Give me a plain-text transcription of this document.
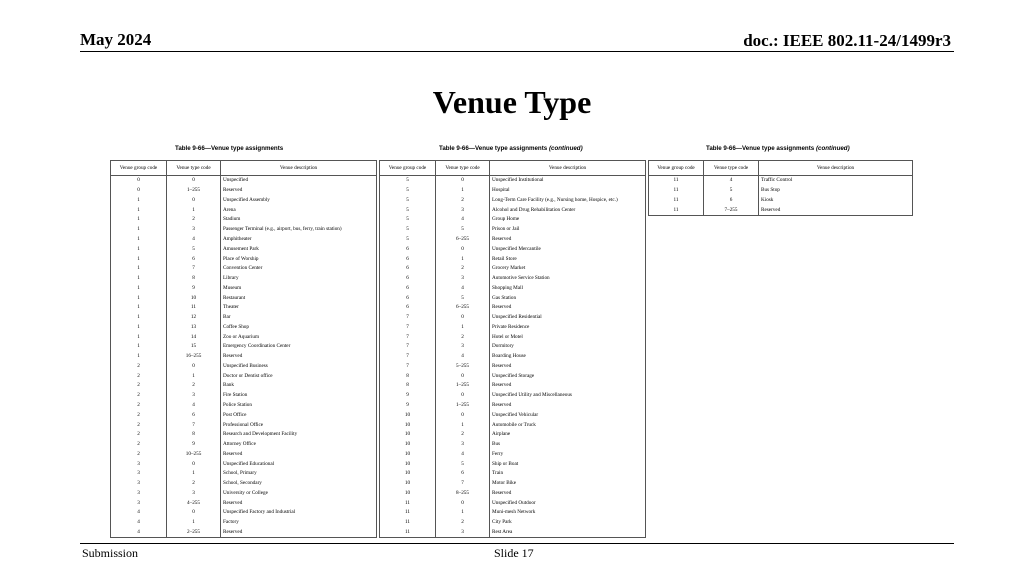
May 2024	doc.: IEEE 802.11-24/1499r3
Venue Type
Table 9-66—Venue type assignments
Venue group code	Venue type code	Venue description
0	0	Unspecified
0	1–255	Reserved
1	0	Unspecified Assembly
1	1	Arena
1	2	Stadium
1	3	Passenger Terminal (e.g., airport, bus, ferry, train station)
1	4	Amphitheater
1	5	Amusement Park
1	6	Place of Worship
1	7	Convention Center
1	8	Library
1	9	Museum
1	10	Restaurant
1	11	Theater
1	12	Bar
1	13	Coffee Shop
1	14	Zoo or Aquarium
1	15	Emergency Coordination Center
1	16–255	Reserved
2	0	Unspecified Business
2	1	Doctor or Dentist office
2	2	Bank
2	3	Fire Station
2	4	Police Station
2	6	Post Office
2	7	Professional Office
2	8	Research and Development Facility
2	9	Attorney Office
2	10–255	Reserved
3	0	Unspecified Educational
3	1	School, Primary
3	2	School, Secondary
3	3	University or College
3	4–255	Reserved
4	0	Unspecified Factory and Industrial
4	1	Factory
4	2–255	Reserved
Table 9-66—Venue type assignments (continued)
Venue group code	Venue type code	Venue description
5	0	Unspecified Institutional
5	1	Hospital
5	2	Long-Term Care Facility (e.g., Nursing home, Hospice, etc.)
5	3	Alcohol and Drug Rehabilitation Center
5	4	Group Home
5	5	Prison or Jail
5	6–255	Reserved
6	0	Unspecified Mercantile
6	1	Retail Store
6	2	Grocery Market
6	3	Automotive Service Station
6	4	Shopping Mall
6	5	Gas Station
6	6–255	Reserved
7	0	Unspecified Residential
7	1	Private Residence
7	2	Hotel or Motel
7	3	Dormitory
7	4	Boarding House
7	5–255	Reserved
8	0	Unspecified Storage
8	1–255	Reserved
9	0	Unspecified Utility and Miscellaneous
9	1–255	Reserved
10	0	Unspecified Vehicular
10	1	Automobile or Truck
10	2	Airplane
10	3	Bus
10	4	Ferry
10	5	Ship or Boat
10	6	Train
10	7	Motor Bike
10	8–255	Reserved
11	0	Unspecified Outdoor
11	1	Muni-mesh Network
11	2	City Park
11	3	Rest Area
Table 9-66—Venue type assignments (continued)
Venue group code	Venue type code	Venue description
11	4	Traffic Control
11	5	Bus Stop
11	6	Kiosk
11	7–255	Reserved
Submission	Slide 17
